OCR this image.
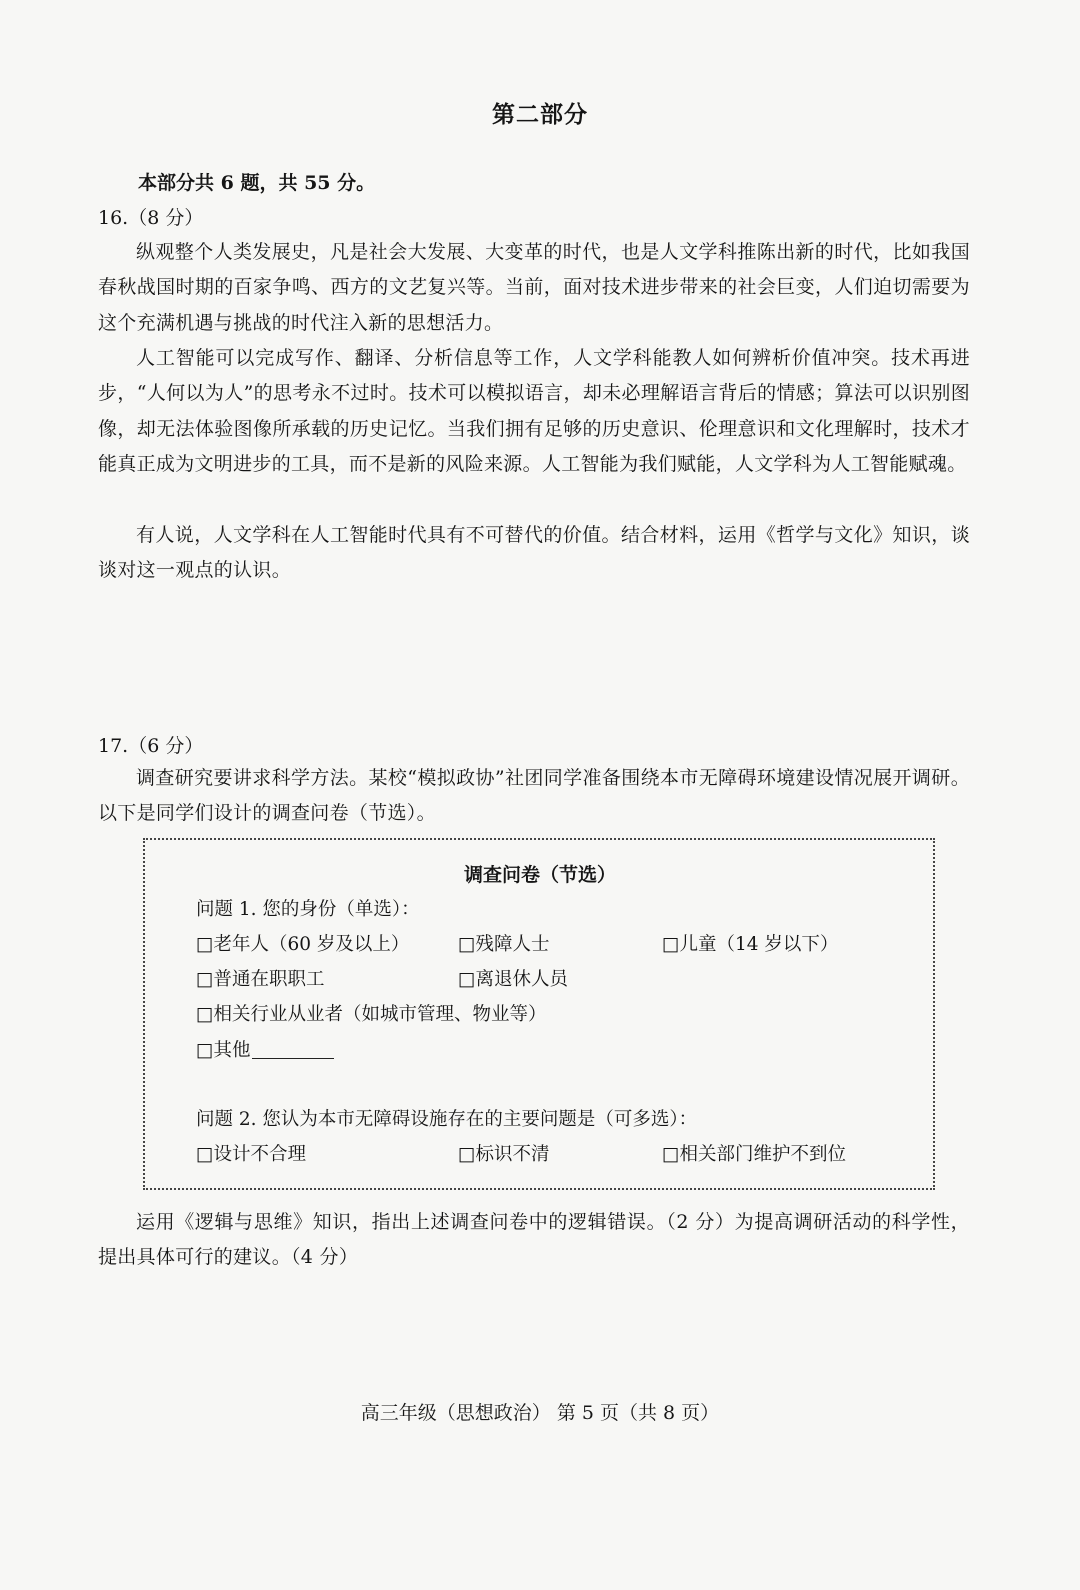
第二部分
本部分共 6 题，共 55 分。
16.（8 分）
纵观整个人类发展史，凡是社会大发展、大变革的时代，也是人文学科推陈出新的时代，比如我国春秋战国时期的百家争鸣、西方的文艺复兴等。当前，面对技术进步带来的社会巨变，人们迫切需要为这个充满机遇与挑战的时代注入新的思想活力。
人工智能可以完成写作、翻译、分析信息等工作，人文学科能教人如何辨析价值冲突。技术再进步，“人何以为人”的思考永不过时。技术可以模拟语言，却未必理解语言背后的情感；算法可以识别图像，却无法体验图像所承载的历史记忆。当我们拥有足够的历史意识、伦理意识和文化理解时，技术才能真正成为文明进步的工具，而不是新的风险来源。人工智能为我们赋能，人文学科为人工智能赋魂。
有人说，人文学科在人工智能时代具有不可替代的价值。结合材料，运用《哲学与文化》知识，谈谈对这一观点的认识。
17.（6 分）
调查研究要讲求科学方法。某校“模拟政协”社团同学准备围绕本市无障碍环境建设情况展开调研。以下是同学们设计的调查问卷（节选）。
调查问卷（节选）
问题 1. 您的身份（单选）：
□老年人（60 岁及以上）	□残障人士	□儿童（14 岁以下）
□普通在职职工	□离退休人员
□相关行业从业者（如城市管理、物业等）
□其他
问题 2. 您认为本市无障碍设施存在的主要问题是（可多选）：
□设计不合理	□标识不清	□相关部门维护不到位
运用《逻辑与思维》知识，指出上述调查问卷中的逻辑错误。（2 分）为提高调研活动的科学性，提出具体可行的建议。（4 分）
高三年级（思想政治） 第 5 页（共 8 页）
